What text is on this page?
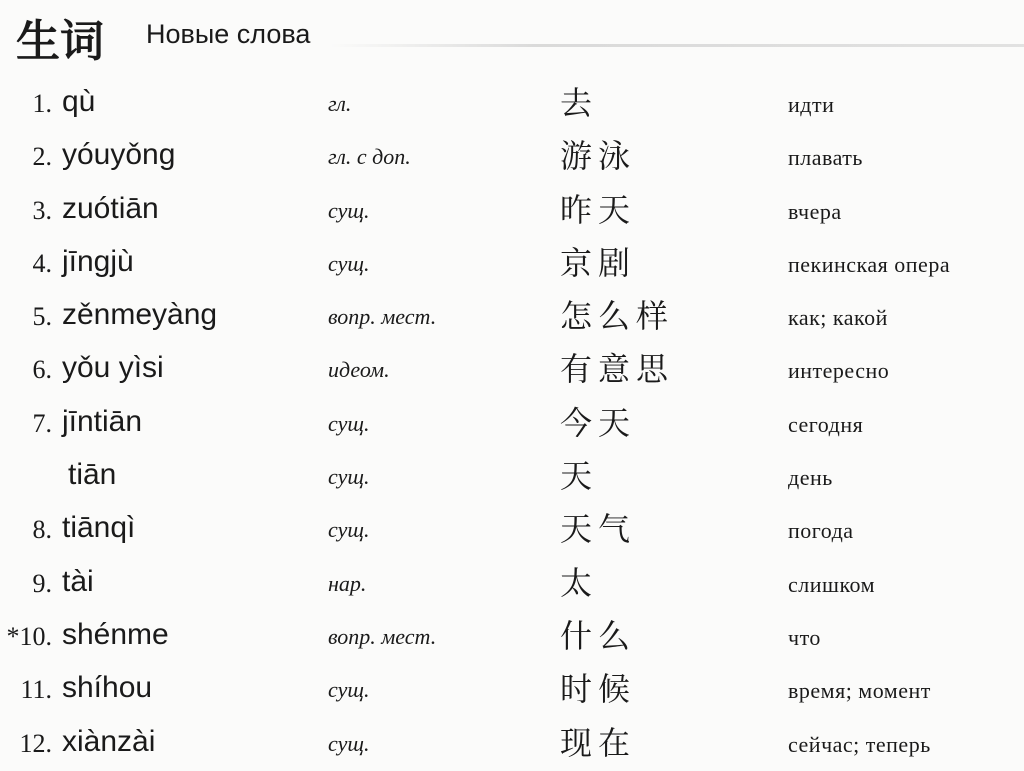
生词 Новые слова
1. qù	гл.	去	идти
2. yóuyǒng	гл. с доп.	游泳	плавать
3. zuótiān	сущ.	昨天	вчера
4. jīngjù	сущ.	京剧	пекинская опера
5. zěnmeyàng	вопр. мест.	怎么样	как; какой
6. yǒu yìsi	идеом.	有意思	интересно
7. jīntiān	сущ.	今天	сегодня
tiān	сущ.	天	день
8. tiānqì	сущ.	天气	погода
9. tài	нар.	太	слишком
*10. shénme	вопр. мест.	什么	что
11. shíhou	сущ.	时候	время; момент
12. xiànzài	сущ.	现在	сейчас; теперь
